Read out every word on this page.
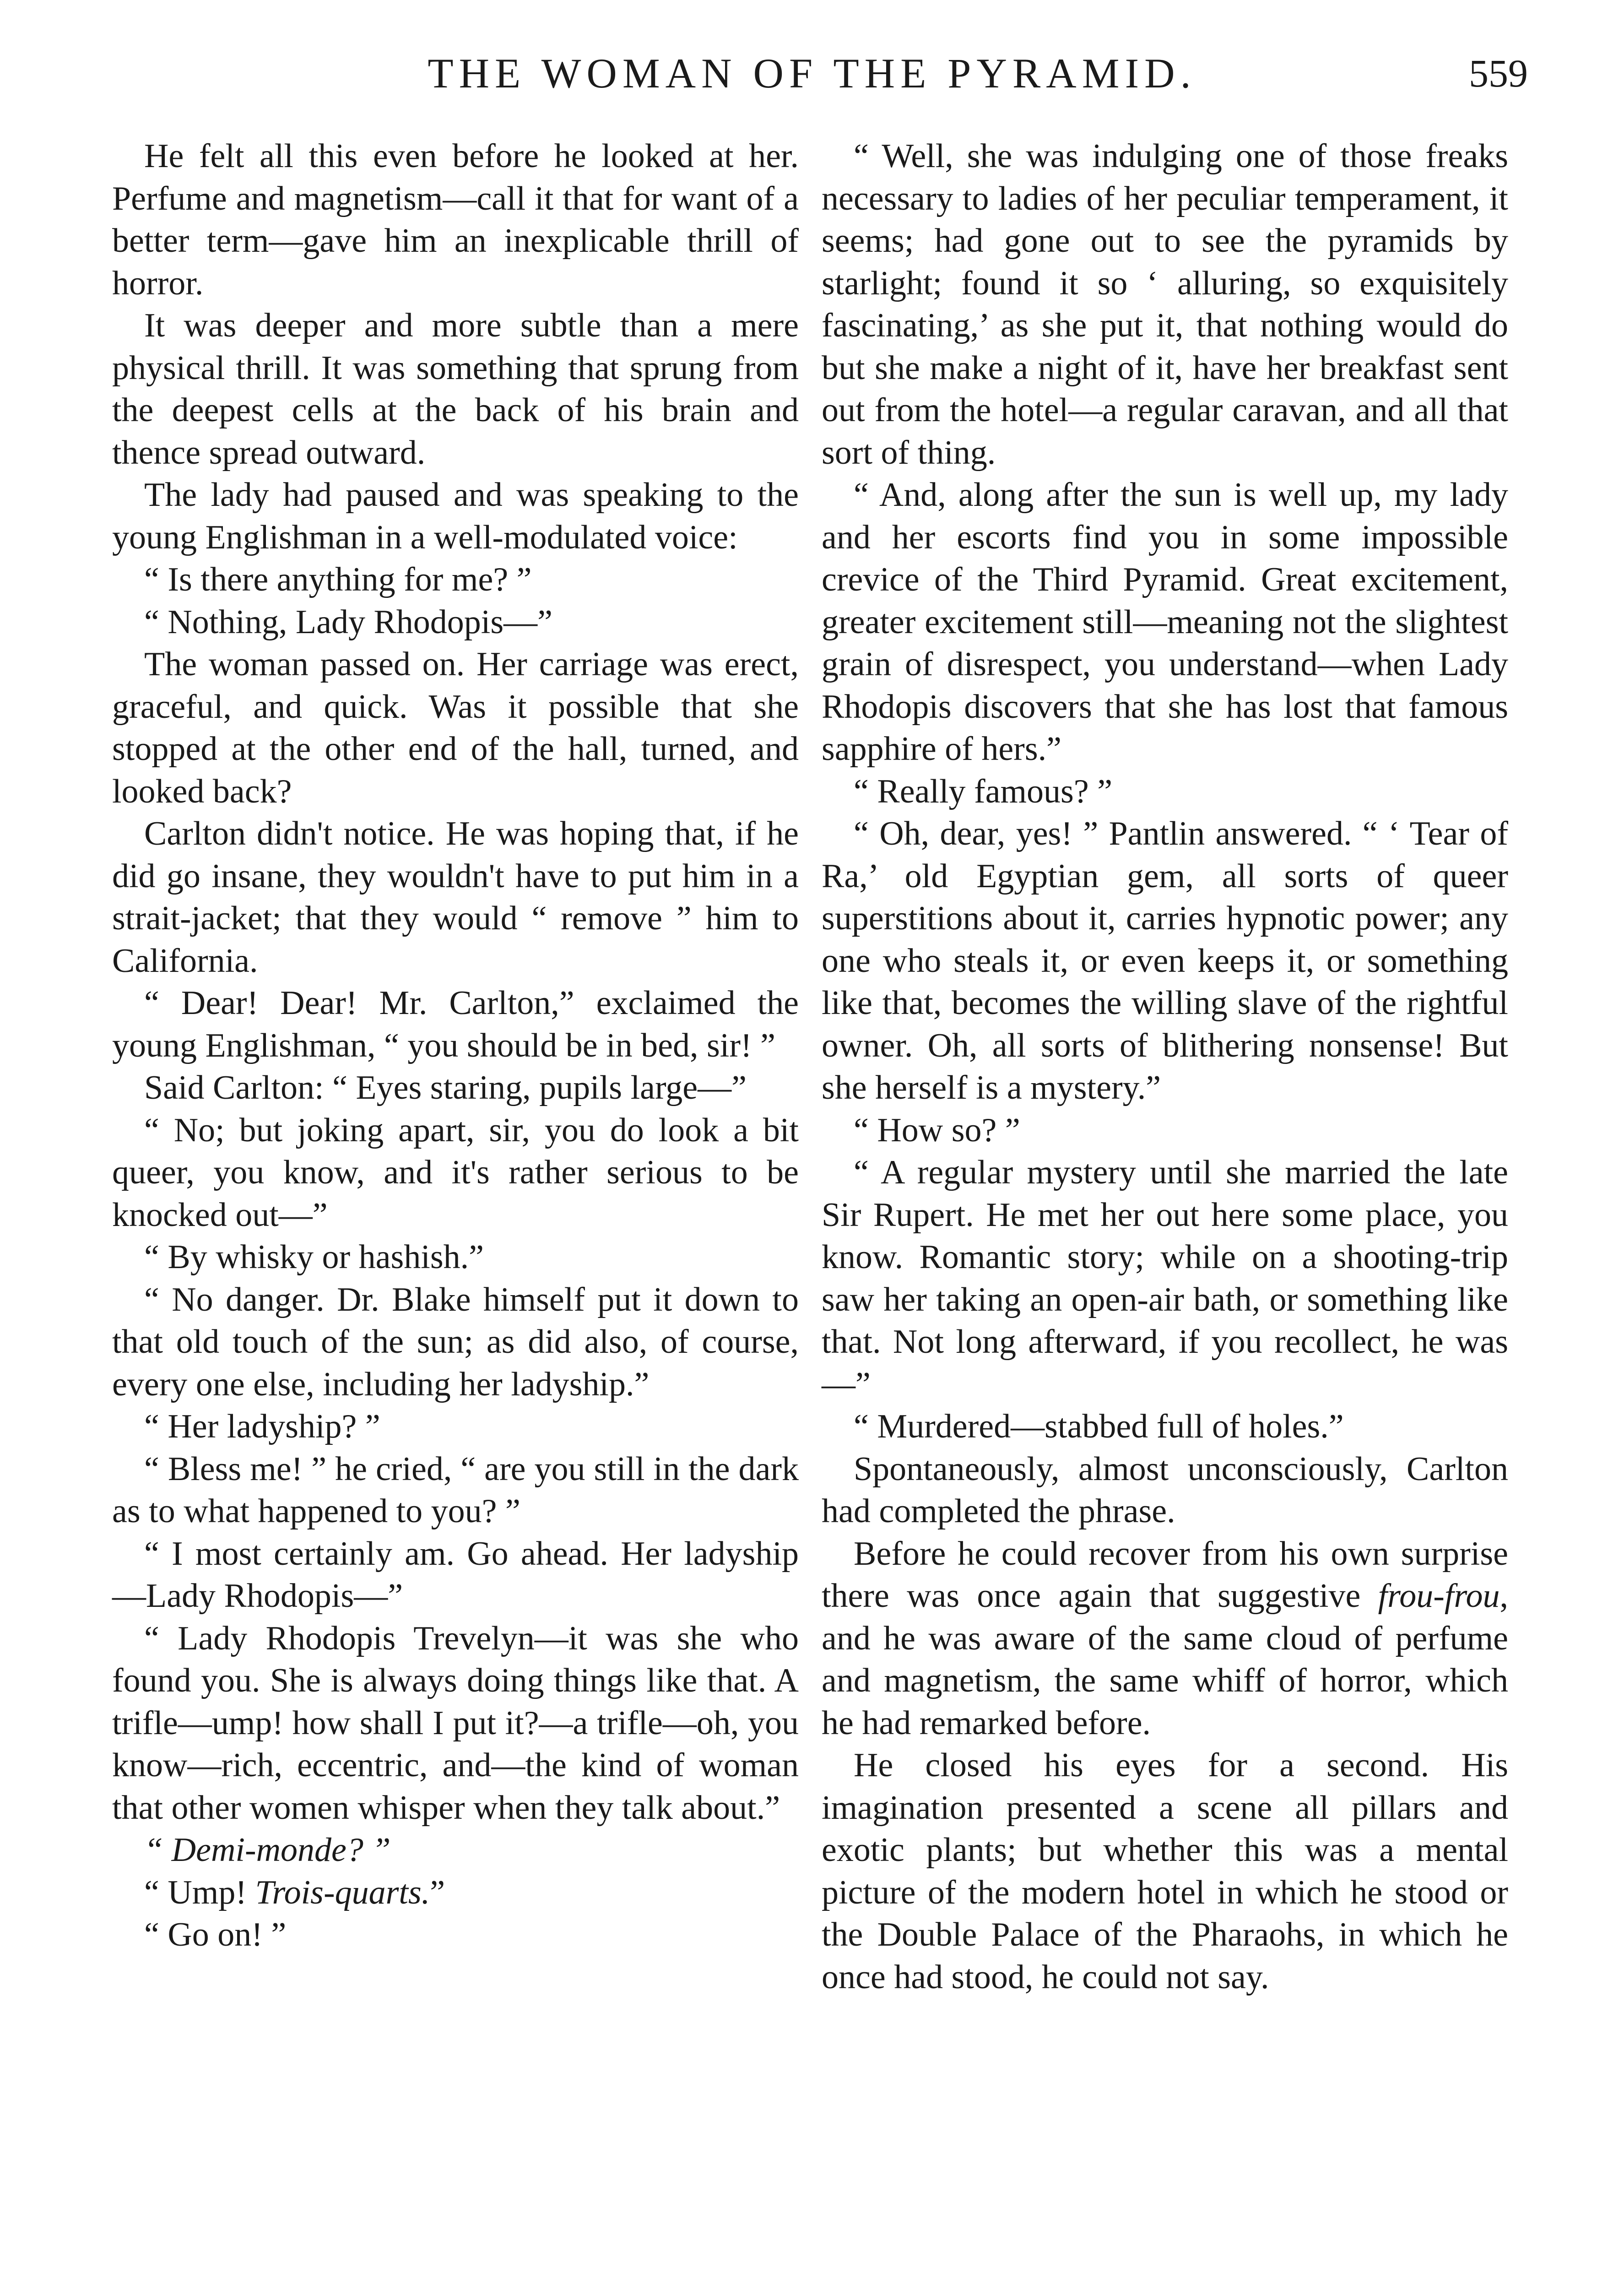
THE WOMAN OF THE PYRAMID.	559

He felt all this even before he looked at her. Perfume and magnetism—call it that for want of a better term—gave him an inexplicable thrill of horror.

It was deeper and more subtle than a mere physical thrill. It was something that sprung from the deepest cells at the back of his brain and thence spread outward.

The lady had paused and was speaking to the young Englishman in a well-modulated voice:

“ Is there anything for me? ”

“ Nothing, Lady Rhodopis—”

The woman passed on. Her carriage was erect, graceful, and quick. Was it possible that she stopped at the other end of the hall, turned, and looked back?

Carlton didn't notice. He was hoping that, if he did go insane, they wouldn't have to put him in a strait-jacket; that they would “ remove ” him to California.

“ Dear! Dear! Mr. Carlton,” exclaimed the young Englishman, “ you should be in bed, sir! ”

Said Carlton: “ Eyes staring, pupils large—”

“ No; but joking apart, sir, you do look a bit queer, you know, and it's rather serious to be knocked out—”

“ By whisky or hashish.”

“ No danger. Dr. Blake himself put it down to that old touch of the sun; as did also, of course, every one else, including her ladyship.”

“ Her ladyship? ”

“ Bless me! ” he cried, “ are you still in the dark as to what happened to you? ”

“ I most certainly am. Go ahead. Her ladyship—Lady Rhodopis—”

“ Lady Rhodopis Trevelyn—it was she who found you. She is always doing things like that. A trifle—ump! how shall I put it?—a trifle—oh, you know—rich, eccentric, and—the kind of woman that other women whisper when they talk about.”

“ Demi-monde? ”

“ Ump! Trois-quarts.”

“ Go on! ”

“ Well, she was indulging one of those freaks necessary to ladies of her peculiar temperament, it seems; had gone out to see the pyramids by starlight; found it so ‘ alluring, so exquisitely fascinating,’ as she put it, that nothing would do but she make a night of it, have her breakfast sent out from the hotel—a regular caravan, and all that sort of thing.

“ And, along after the sun is well up, my lady and her escorts find you in some impossible crevice of the Third Pyramid. Great excitement, greater excitement still—meaning not the slightest grain of disrespect, you understand—when Lady Rhodopis discovers that she has lost that famous sapphire of hers.”

“ Really famous? ”

“ Oh, dear, yes! ” Pantlin answered. “ ‘ Tear of Ra,’ old Egyptian gem, all sorts of queer superstitions about it, carries hypnotic power; any one who steals it, or even keeps it, or something like that, becomes the willing slave of the rightful owner. Oh, all sorts of blithering nonsense! But she herself is a mystery.”

“ How so? ”

“ A regular mystery until she married the late Sir Rupert. He met her out here some place, you know. Romantic story; while on a shooting-trip saw her taking an open-air bath, or something like that. Not long afterward, if you recollect, he was—”

“ Murdered—stabbed full of holes.”

Spontaneously, almost unconsciously, Carlton had completed the phrase.

Before he could recover from his own surprise there was once again that suggestive frou-frou, and he was aware of the same cloud of perfume and magnetism, the same whiff of horror, which he had remarked before.

He closed his eyes for a second. His imagination presented a scene all pillars and exotic plants; but whether this was a mental picture of the modern hotel in which he stood or the Double Palace of the Pharaohs, in which he once had stood, he could not say.
